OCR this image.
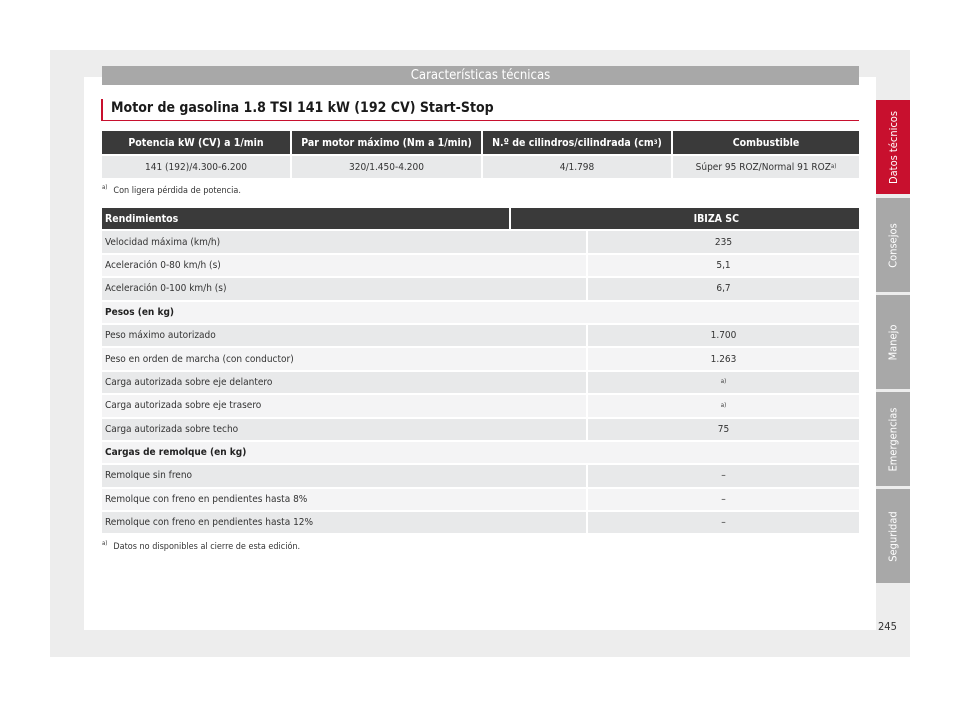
Características técnicas
Motor de gasolina 1.8 TSI 141 kW (192 CV) Start-Stop
Potencia kW (CV) a 1/min	Par motor máximo (Nm a 1/min)	N.º de cilindros/cilindrada (cm 3 )	Combustible
141 (192)/4.300-6.200	320/1.450-4.200	4/1.798	Súper 95 ROZ/Normal 91 ROZ a)
$^{a)}$ Con ligera pérdida de potencia.
Rendimientos	IBIZA SC
Velocidad máxima (km/h)	235
Aceleración 0-80 km/h (s)	5,1
Aceleración 0-100 km/h (s)	6,7
Pesos (en kg)
Peso máximo autorizado	1.700
Peso en orden de marcha (con conductor)	1.263
Carga autorizada sobre eje delantero	a)
Carga autorizada sobre eje trasero	a)
Carga autorizada sobre techo	75
Cargas de remolque (en kg)
Remolque sin freno	–
Remolque con freno en pendientes hasta 8%	–
Remolque con freno en pendientes hasta 12%	–
$^{a)}$ Datos no disponibles al cierre de esta edición.
Datos técnicos
Consejos
Manejo
Emergencias
Seguridad
245
